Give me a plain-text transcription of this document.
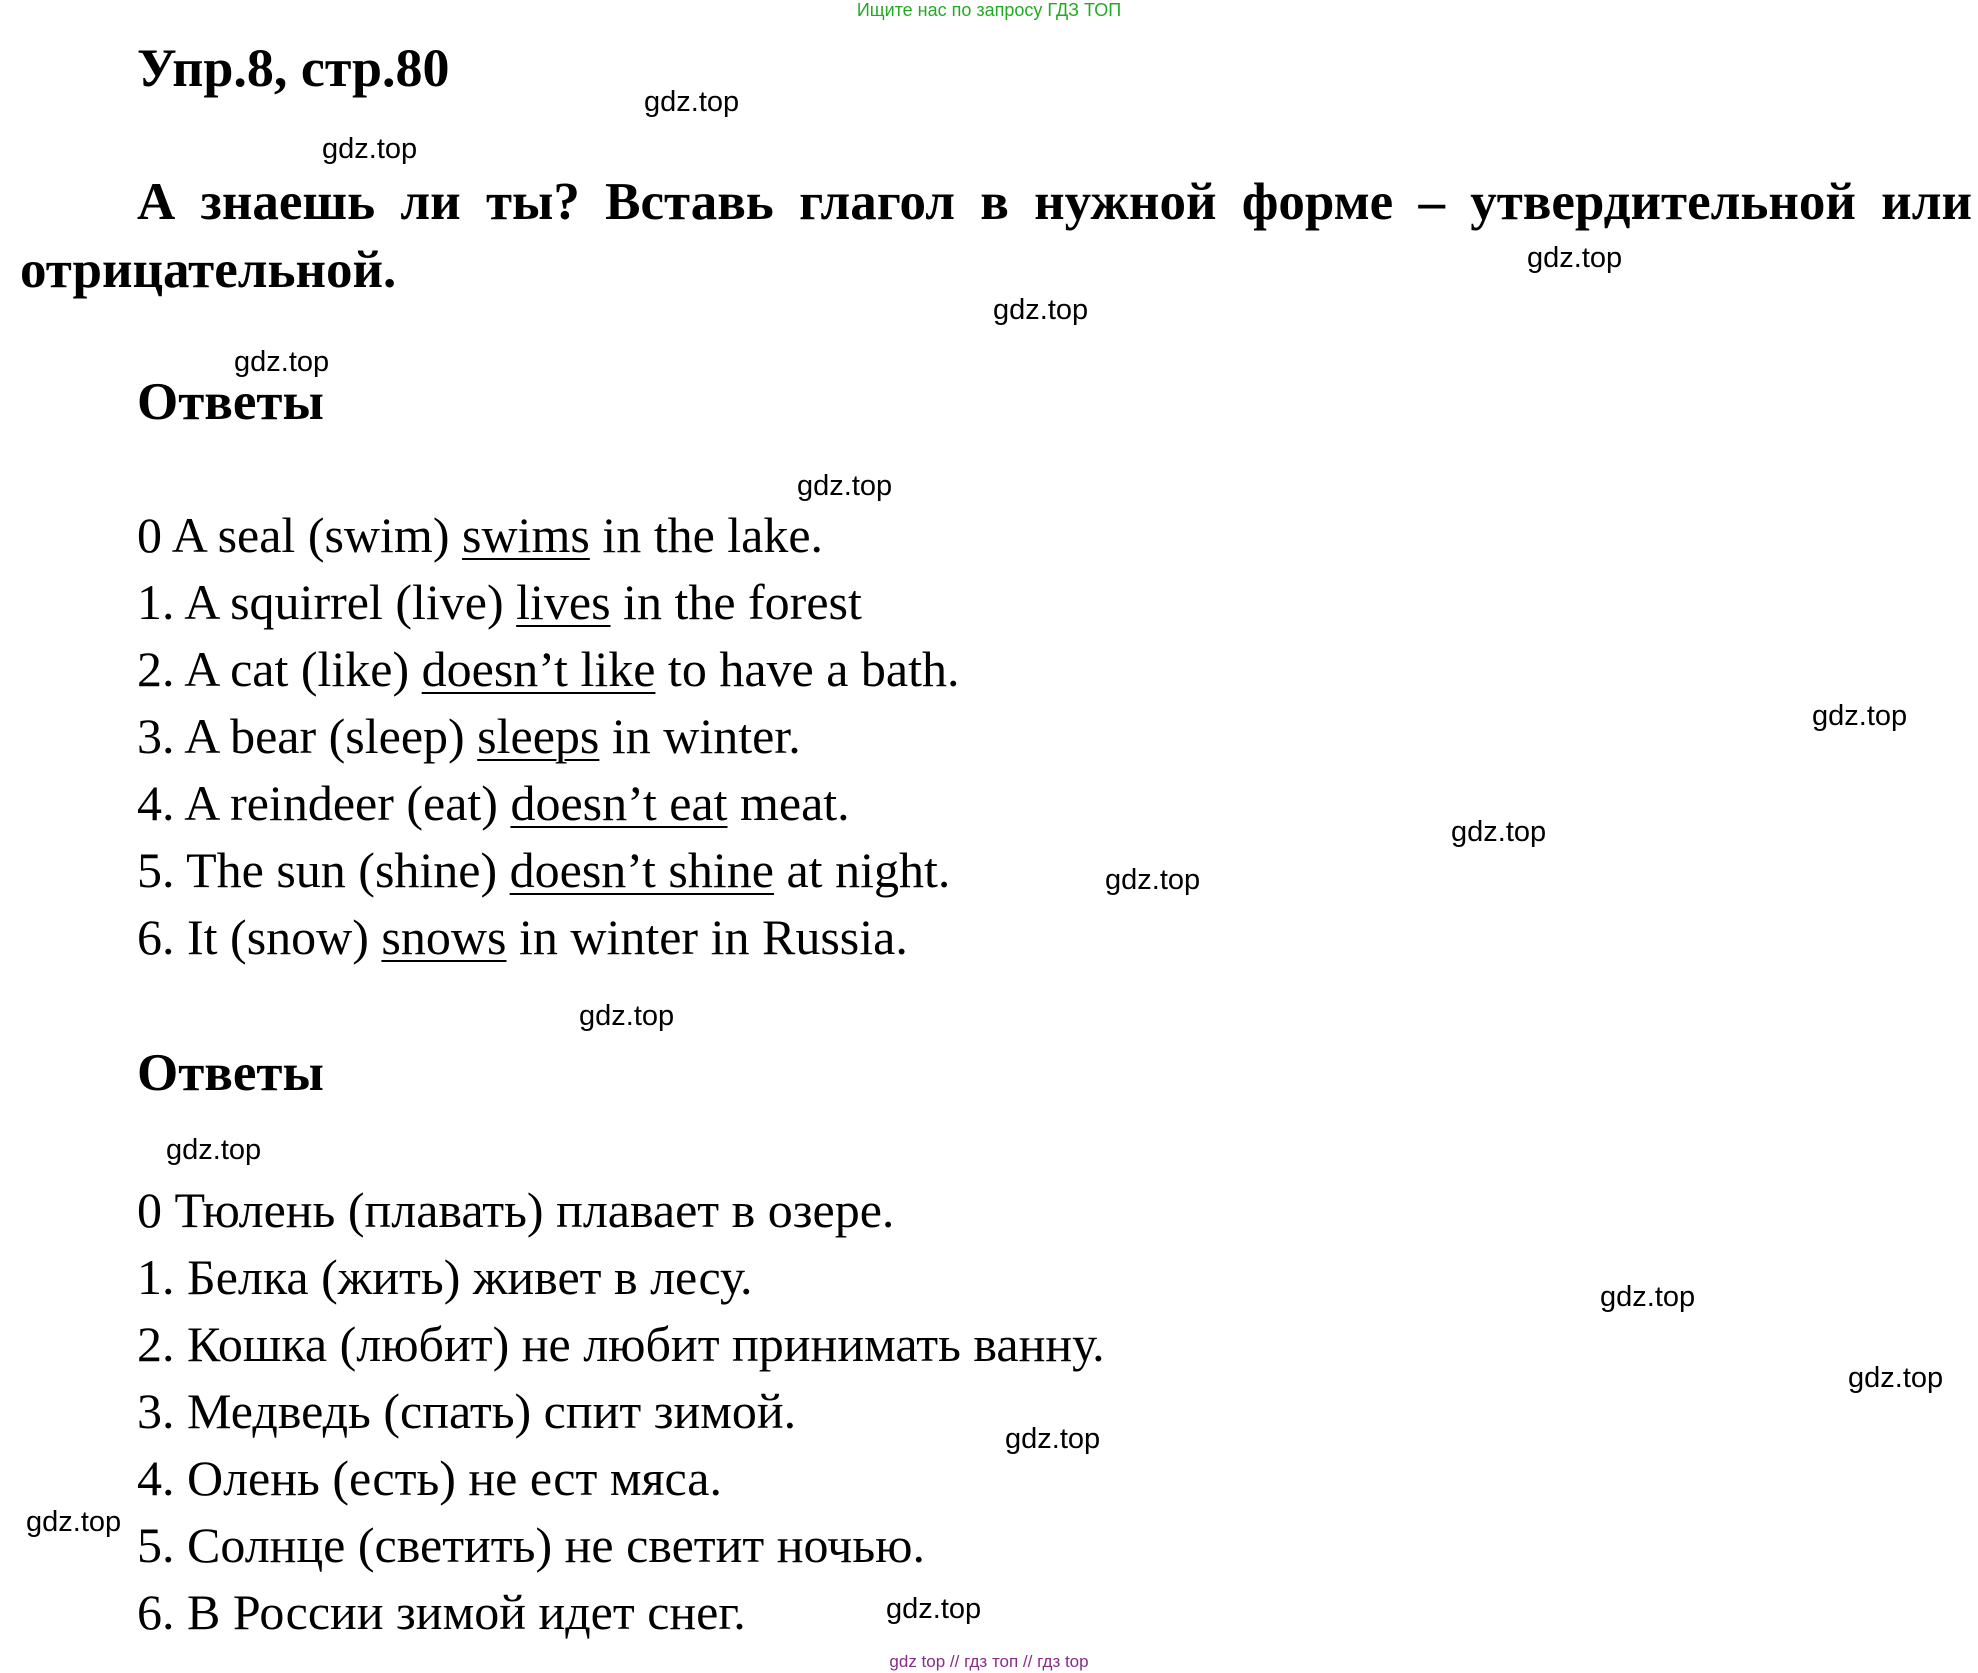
Ищите нас по запросу ГДЗ ТОП
Упр.8, стр.80

А знаешь ли ты? Вставь глагол в нужной форме – утвердительной или отрицательной.

Ответы
0 A seal (swim) swims in the lake.
1. A squirrel (live) lives in the forest
2. A cat (like) doesn’t like to have a bath.
3. A bear (sleep) sleeps in winter.
4. A reindeer (eat) doesn’t eat meat.
5. The sun (shine) doesn’t shine at night.
6. It (snow) snows in winter in Russia.
Ответы
0 Тюлень (плавать) плавает в озере.
1. Белка (жить) живет в лесу.
2. Кошка (любит) не любит принимать ванну.
3. Медведь (спать) спит зимой.
4. Олень (есть) не ест мяса.
5. Солнце (светить) не светит ночью.
6. В России зимой идет снег.
gdz.top
gdz.top
gdz.top
gdz.top
gdz.top
gdz.top
gdz.top
gdz.top
gdz.top
gdz.top
gdz.top
gdz.top
gdz.top
gdz.top
gdz.top
gdz.top
gdz top // гдз топ // гдз top
